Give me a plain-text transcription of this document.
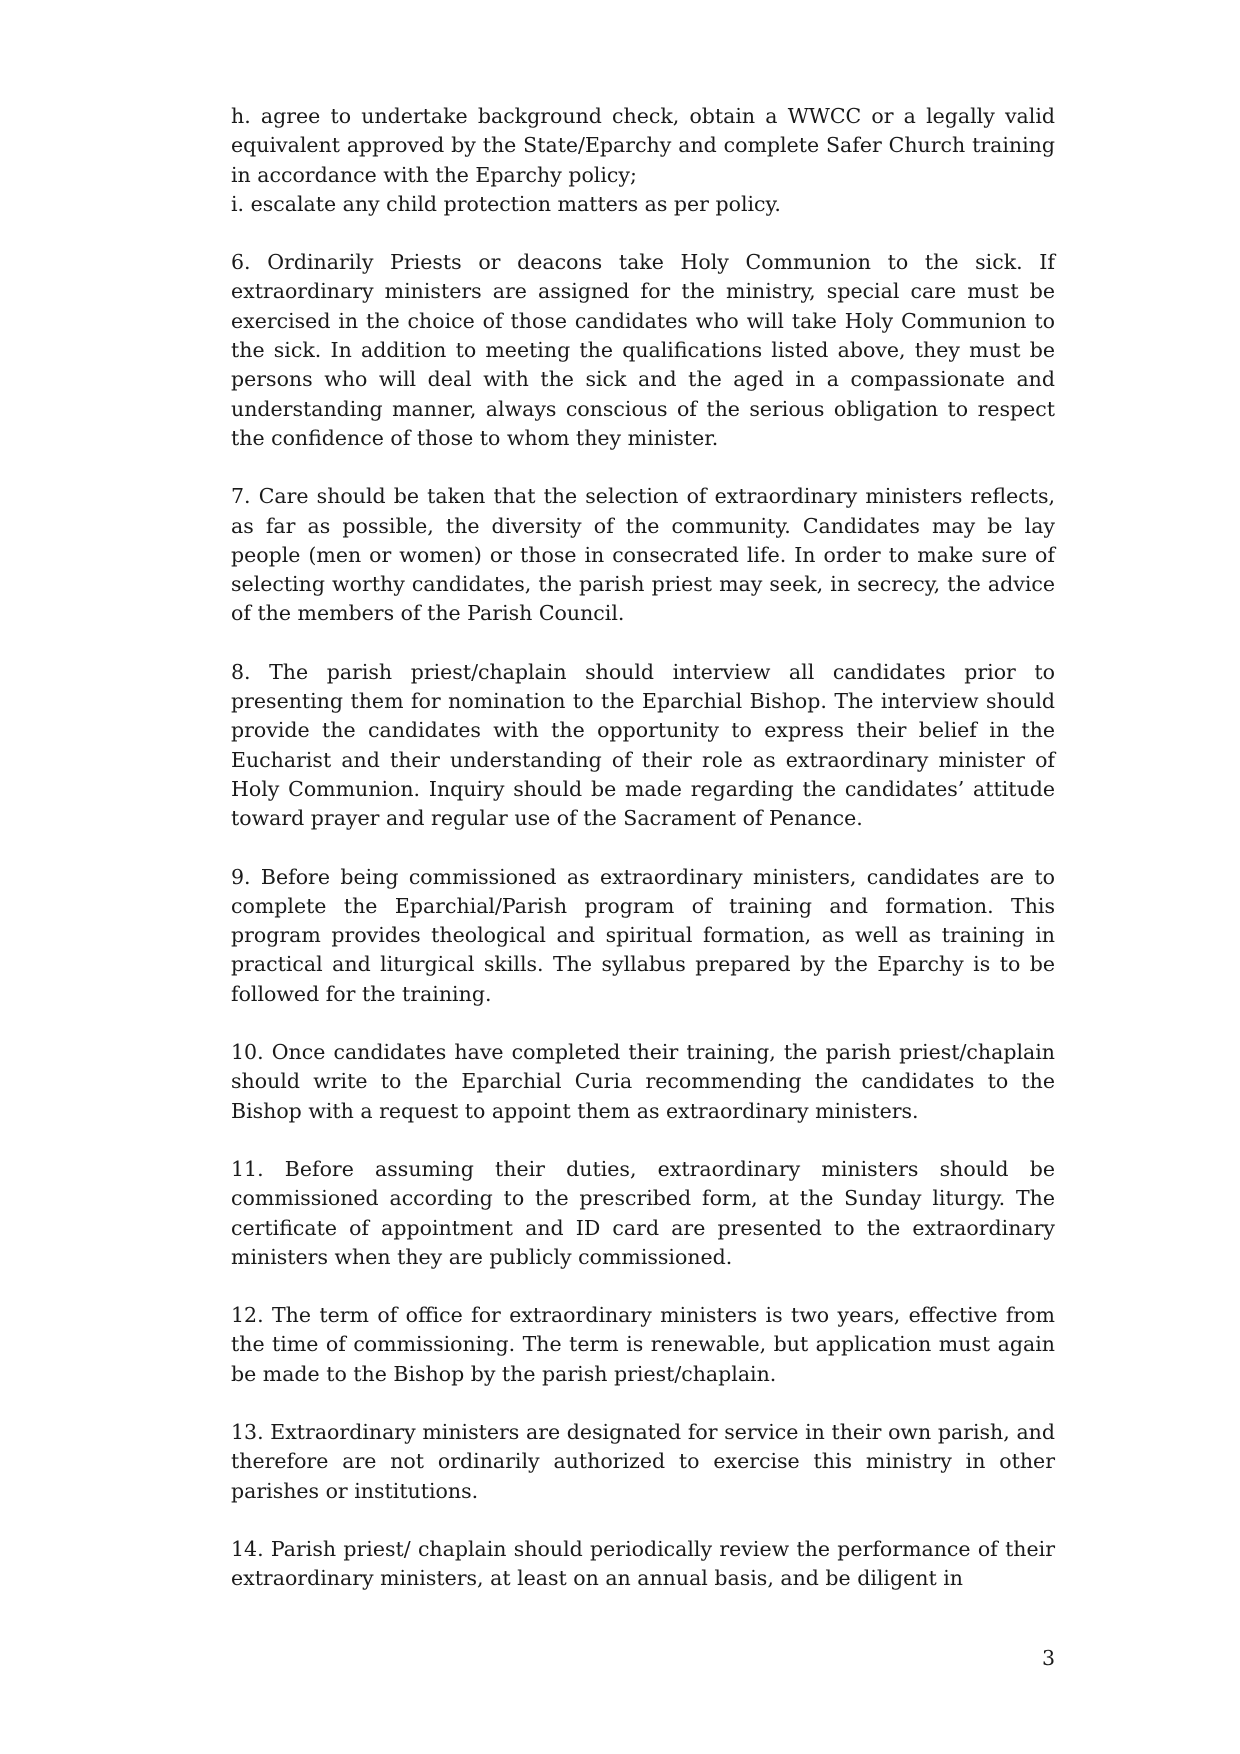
h. agree to undertake background check, obtain a WWCC or a legally valid equivalent approved by the State/Eparchy and complete Safer Church training in accordance with the Eparchy policy;
i. escalate any child protection matters as per policy.

6. Ordinarily Priests or deacons take Holy Communion to the sick. If extraordinary ministers are assigned for the ministry, special care must be exercised in the choice of those candidates who will take Holy Communion to the sick. In addition to meeting the qualifications listed above, they must be persons who will deal with the sick and the aged in a compassionate and understanding manner, always conscious of the serious obligation to respect the confidence of those to whom they minister.

7. Care should be taken that the selection of extraordinary ministers reflects, as far as possible, the diversity of the community. Candidates may be lay people (men or women) or those in consecrated life. In order to make sure of selecting worthy candidates, the parish priest may seek, in secrecy, the advice of the members of the Parish Council.

8. The parish priest/chaplain should interview all candidates prior to presenting them for nomination to the Eparchial Bishop. The interview should provide the candidates with the opportunity to express their belief in the Eucharist and their understanding of their role as extraordinary minister of Holy Communion. Inquiry should be made regarding the candidates’ attitude toward prayer and regular use of the Sacrament of Penance.

9. Before being commissioned as extraordinary ministers, candidates are to complete the Eparchial/Parish program of training and formation. This program provides theological and spiritual formation, as well as training in practical and liturgical skills. The syllabus prepared by the Eparchy is to be followed for the training.

10. Once candidates have completed their training, the parish priest/chaplain should write to the Eparchial Curia recommending the candidates to the Bishop with a request to appoint them as extraordinary ministers.

11. Before assuming their duties, extraordinary ministers should be commissioned according to the prescribed form, at the Sunday liturgy. The certificate of appointment and ID card are presented to the extraordinary ministers when they are publicly commissioned.

12. The term of office for extraordinary ministers is two years, effective from the time of commissioning. The term is renewable, but application must again be made to the Bishop by the parish priest/chaplain.

13. Extraordinary ministers are designated for service in their own parish, and therefore are not ordinarily authorized to exercise this ministry in other parishes or institutions.

14. Parish priest/ chaplain should periodically review the performance of their extraordinary ministers, at least on an annual basis, and be diligent in

3
